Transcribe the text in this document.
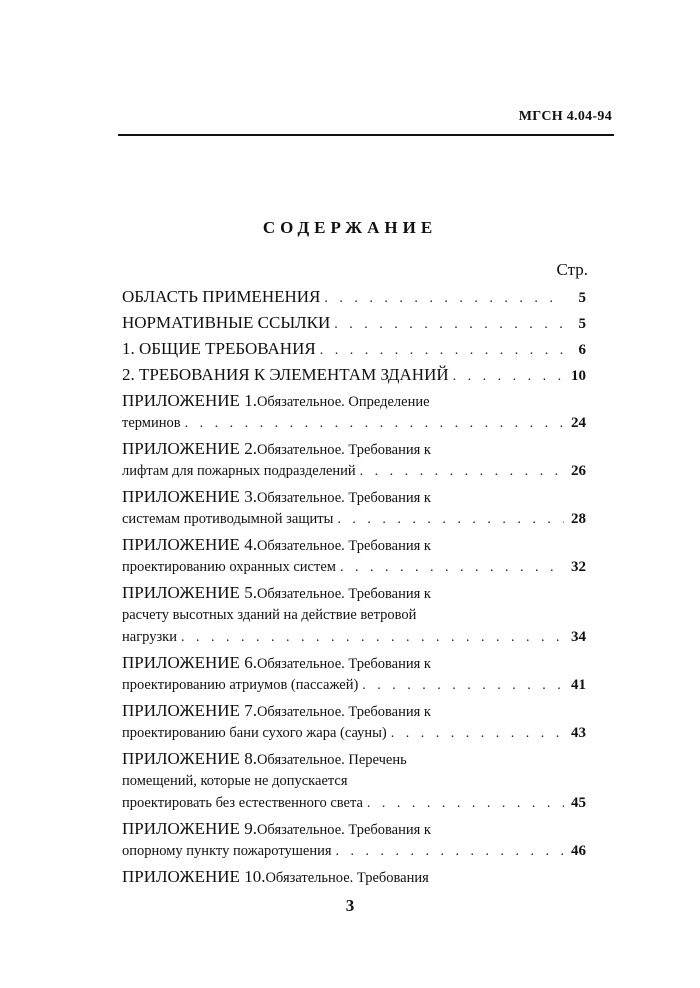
МГСН 4.04-94
СОДЕРЖАНИЕ
Стр.
ОБЛАСТЬ ПРИМЕНЕНИЯ . . .	5
НОРМАТИВНЫЕ ССЫЛКИ . . .	5
1. ОБЩИЕ ТРЕБОВАНИЯ . . .	6
2. ТРЕБОВАНИЯ К ЭЛЕМЕНТАМ ЗДАНИЙ . . .	10
ПРИЛОЖЕНИЕ 1. Обязательное. Определение
терминов . . .	24
ПРИЛОЖЕНИЕ 2. Обязательное. Требования к
лифтам для пожарных подразделений . . .	26
ПРИЛОЖЕНИЕ 3. Обязательное. Требования к
системам противодымной защиты . . .	28
ПРИЛОЖЕНИЕ 4. Обязательное. Требования к
проектированию охранных систем . . .	32
ПРИЛОЖЕНИЕ 5. Обязательное. Требования к
расчету высотных зданий на действие ветровой
нагрузки . . .	34
ПРИЛОЖЕНИЕ 6. Обязательное. Требования к
проектированию атриумов (пассажей) . . .	41
ПРИЛОЖЕНИЕ 7. Обязательное. Требования к
проектированию бани сухого жара (сауны) . . .	43
ПРИЛОЖЕНИЕ 8. Обязательное. Перечень
помещений, которые не допускается
проектировать без естественного света . . .	45
ПРИЛОЖЕНИЕ 9. Обязательное. Требования к
опорному пункту пожаротушения . . .	46
ПРИЛОЖЕНИЕ 10. Обязательное. Требования
3
